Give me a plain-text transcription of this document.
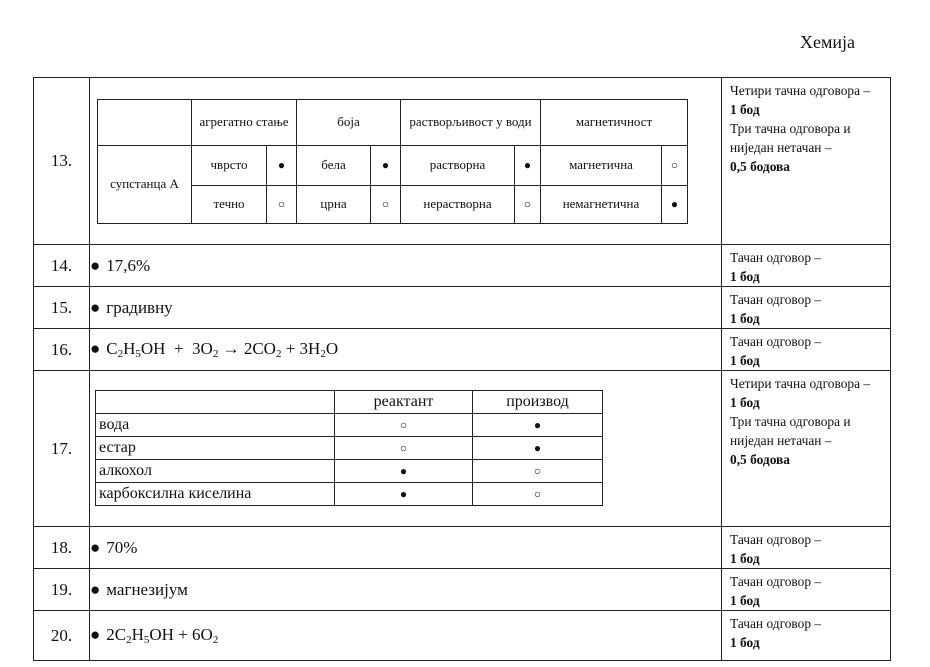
Хемија
13.	
	агрегатно стање	боја	растворљивост у води	магнетичност
супстанца А	чврсто	●	бела	●	растворна	●	магнетична	○
течно	○	црна	○	нерастворна	○	немагнетична	●

Четири тачна одговора –
1 бод
Три тачна одговора и ниједан нетачан –
0,5 бодова

14.	● 17,6%	Тачан одговор –
1 бод

15.	● градивну	Тачан одговор –
1 бод

16.	● $C_2H_5OH + 3O_2 \to 2CO_2 + 3H_2O$	Тачан одговор –
1 бод

17.	
	реактант	производ
вода	○	●
естар	○	●
алкохол	●	○
карбоксилна киселина	●	○

Четири тачна одговора –
1 бод
Три тачна одговора и ниједан нетачан –
0,5 бодова

18.	● 70%	Тачан одговор –
1 бод

19.	● магнезијум	Тачан одговор –
1 бод

20.	● $2C_2H_5OH + 6O_2$	
Тачан одговор –
1 бод
